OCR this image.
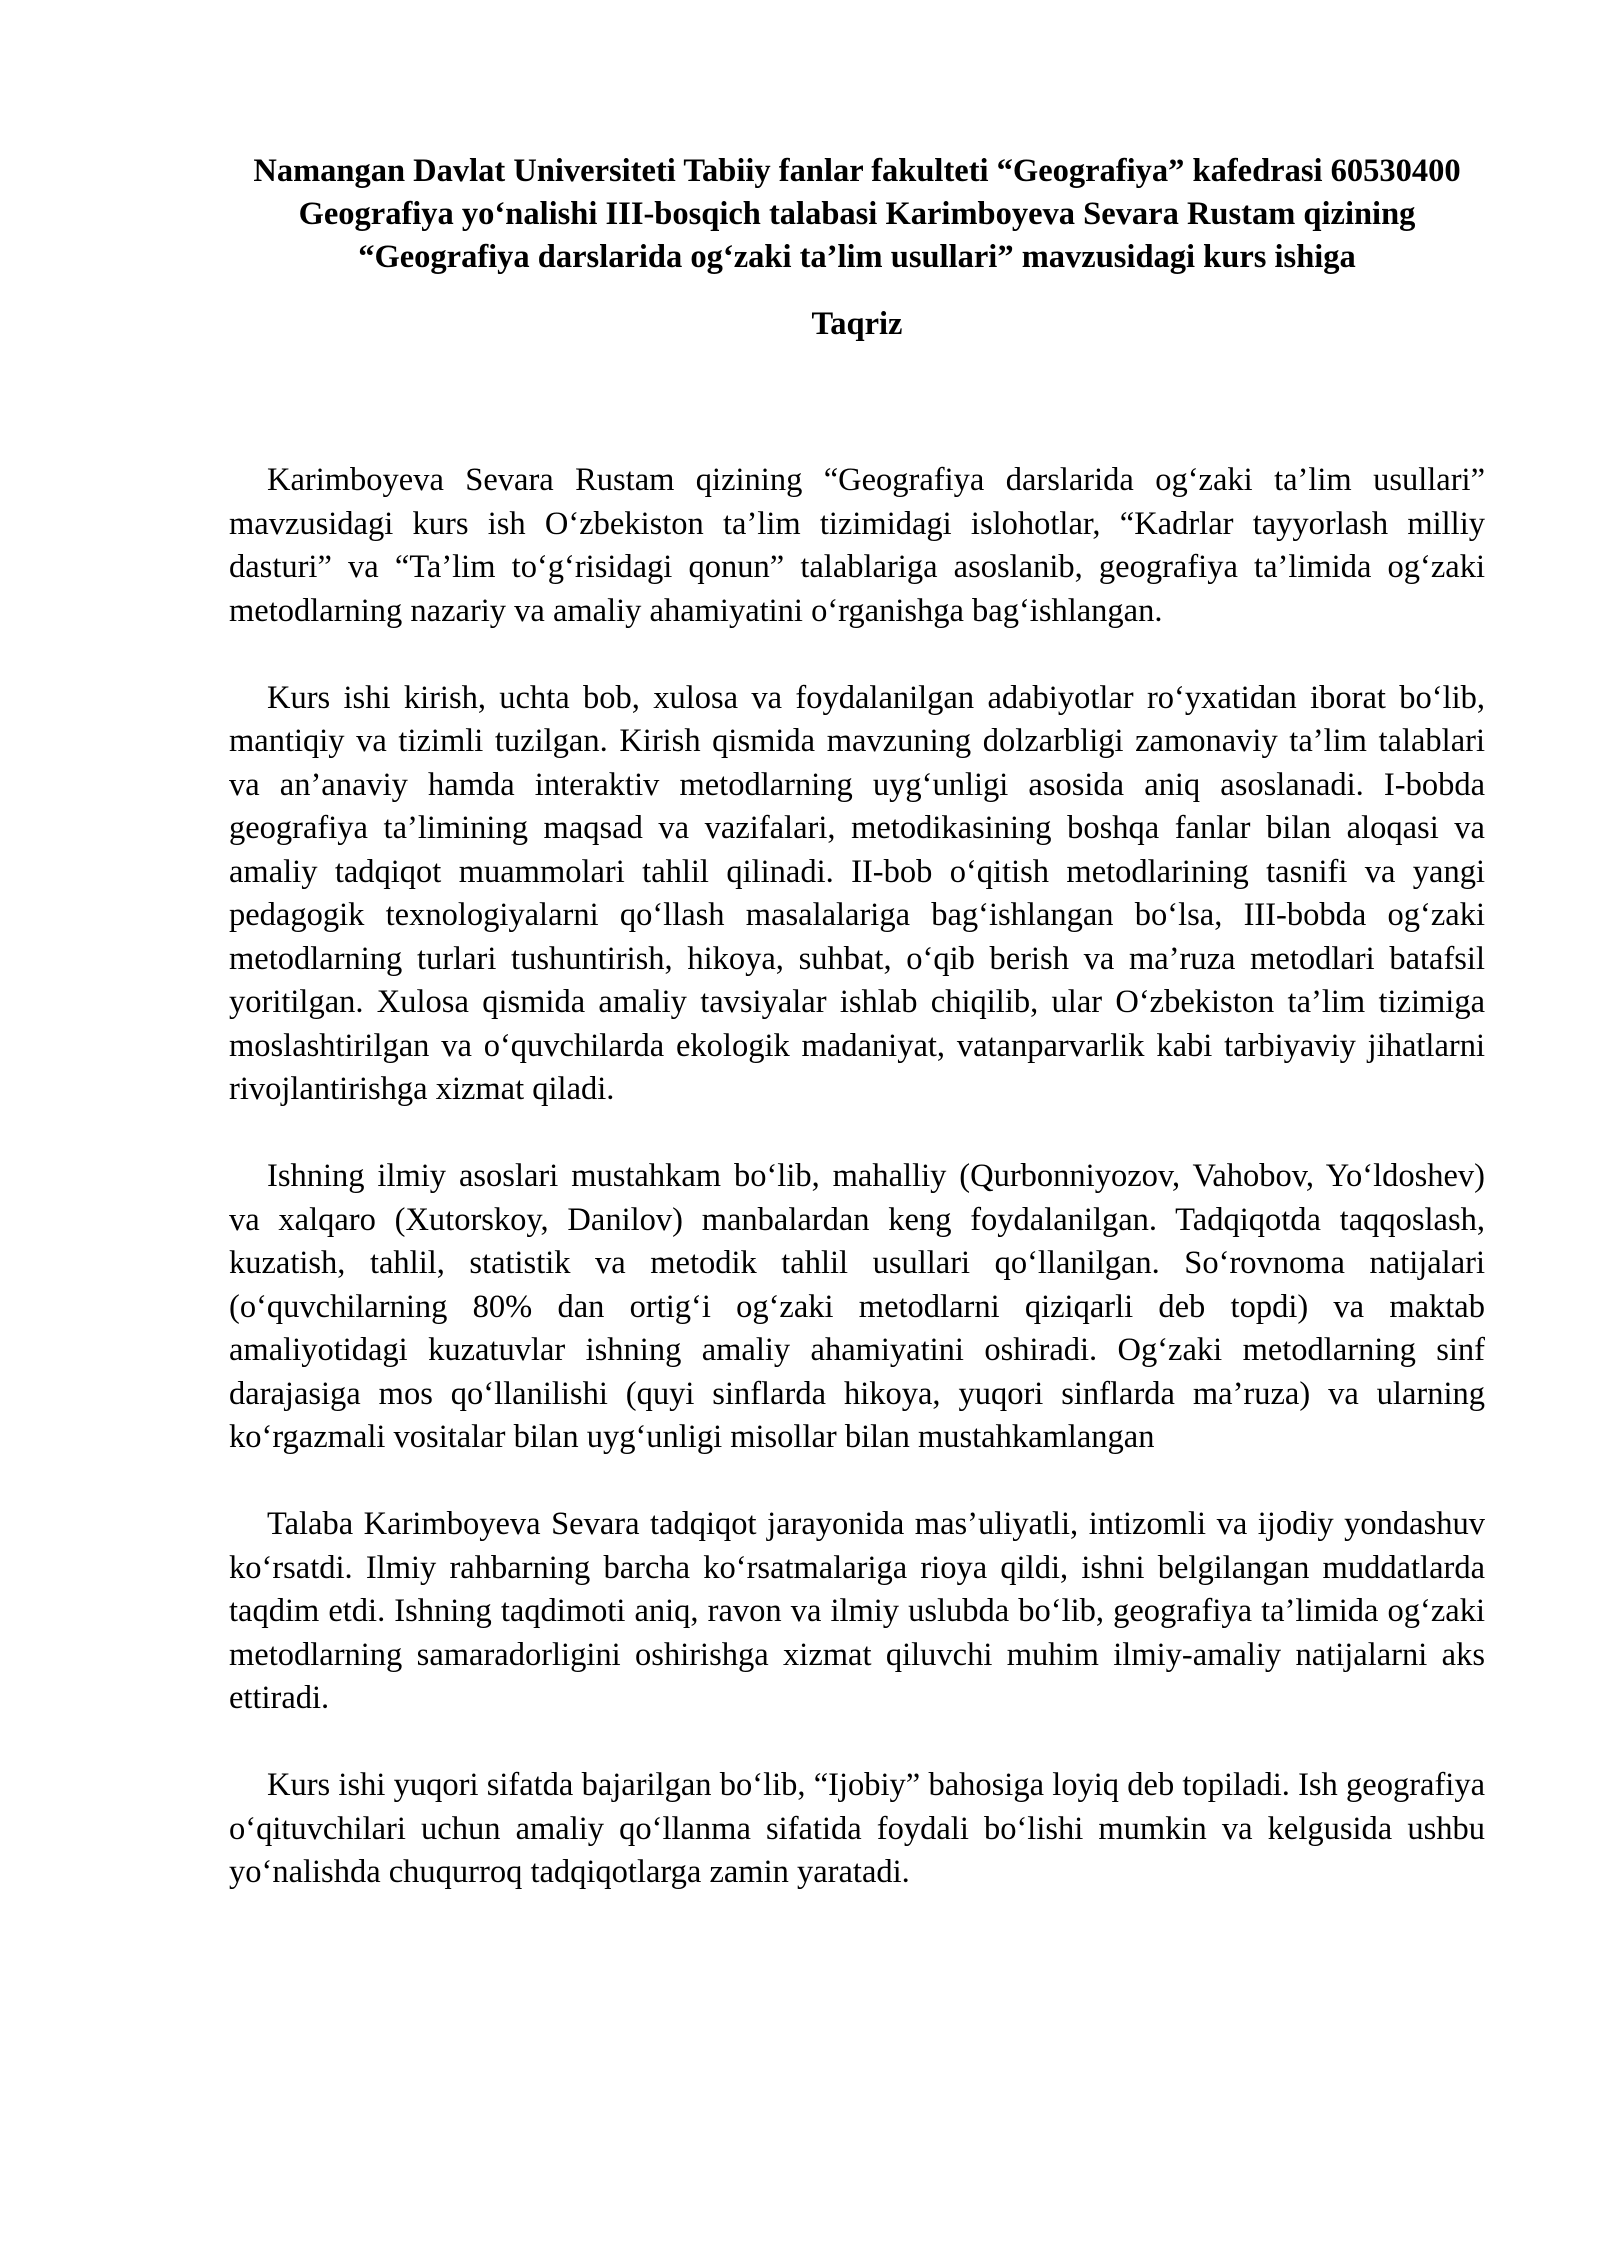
Namangan Davlat Universiteti Tabiiy fanlar fakulteti “Geografiya” kafedrasi 60530400 Geografiya yo‘nalishi III-bosqich talabasi Karimboyeva Sevara Rustam qizining “Geografiya darslarida og‘zaki ta’lim usullari” mavzusidagi kurs ishiga
Taqriz

Karimboyeva Sevara Rustam qizining “Geografiya darslarida og‘zaki ta’lim usullari” mavzusidagi kurs ish O‘zbekiston ta’lim tizimidagi islohotlar, “Kadrlar tayyorlash milliy dasturi” va “Ta’lim to‘g‘risidagi qonun” talablariga asoslanib, geografiya ta’limida og‘zaki metodlarning nazariy va amaliy ahamiyatini o‘rganishga bag‘ishlangan.

Kurs ishi kirish, uchta bob, xulosa va foydalanilgan adabiyotlar ro‘yxatidan iborat bo‘lib, mantiqiy va tizimli tuzilgan. Kirish qismida mavzuning dolzarbligi zamonaviy ta’lim talablari va an’anaviy hamda interaktiv metodlarning uyg‘unligi asosida aniq asoslanadi. I-bobda geografiya ta’limining maqsad va vazifalari, metodikasining boshqa fanlar bilan aloqasi va amaliy tadqiqot muammolari tahlil qilinadi. II-bob o‘qitish metodlarining tasnifi va yangi pedagogik texnologiyalarni qo‘llash masalalariga bag‘ishlangan bo‘lsa, III-bobda og‘zaki metodlarning turlari tushuntirish, hikoya, suhbat, o‘qib berish va ma’ruza metodlari batafsil yoritilgan. Xulosa qismida amaliy tavsiyalar ishlab chiqilib, ular O‘zbekiston ta’lim tizimiga moslashtirilgan va o‘quvchilarda ekologik madaniyat, vatanparvarlik kabi tarbiyaviy jihatlarni rivojlantirishga xizmat qiladi.

Ishning ilmiy asoslari mustahkam bo‘lib, mahalliy (Qurbonniyozov, Vahobov, Yo‘ldoshev) va xalqaro (Xutorskoy, Danilov) manbalardan keng foydalanilgan. Tadqiqotda taqqoslash, kuzatish, tahlil, statistik va metodik tahlil usullari qo‘llanilgan. So‘rovnoma natijalari (o‘quvchilarning 80% dan ortig‘i og‘zaki metodlarni qiziqarli deb topdi) va maktab amaliyotidagi kuzatuvlar ishning amaliy ahamiyatini oshiradi. Og‘zaki metodlarning sinf darajasiga mos qo‘llanilishi (quyi sinflarda hikoya, yuqori sinflarda ma’ruza) va ularning ko‘rgazmali vositalar bilan uyg‘unligi misollar bilan mustahkamlangan

Talaba Karimboyeva Sevara tadqiqot jarayonida mas’uliyatli, intizomli va ijodiy yondashuv ko‘rsatdi. Ilmiy rahbarning barcha ko‘rsatmalariga rioya qildi, ishni belgilangan muddatlarda taqdim etdi. Ishning taqdimoti aniq, ravon va ilmiy uslubda bo‘lib, geografiya ta’limida og‘zaki metodlarning samaradorligini oshirishga xizmat qiluvchi muhim ilmiy-amaliy natijalarni aks ettiradi.

Kurs ishi yuqori sifatda bajarilgan bo‘lib, “Ijobiy” bahosiga loyiq deb topiladi. Ish geografiya o‘qituvchilari uchun amaliy qo‘llanma sifatida foydali bo‘lishi mumkin va kelgusida ushbu yo‘nalishda chuqurroq tadqiqotlarga zamin yaratadi.
